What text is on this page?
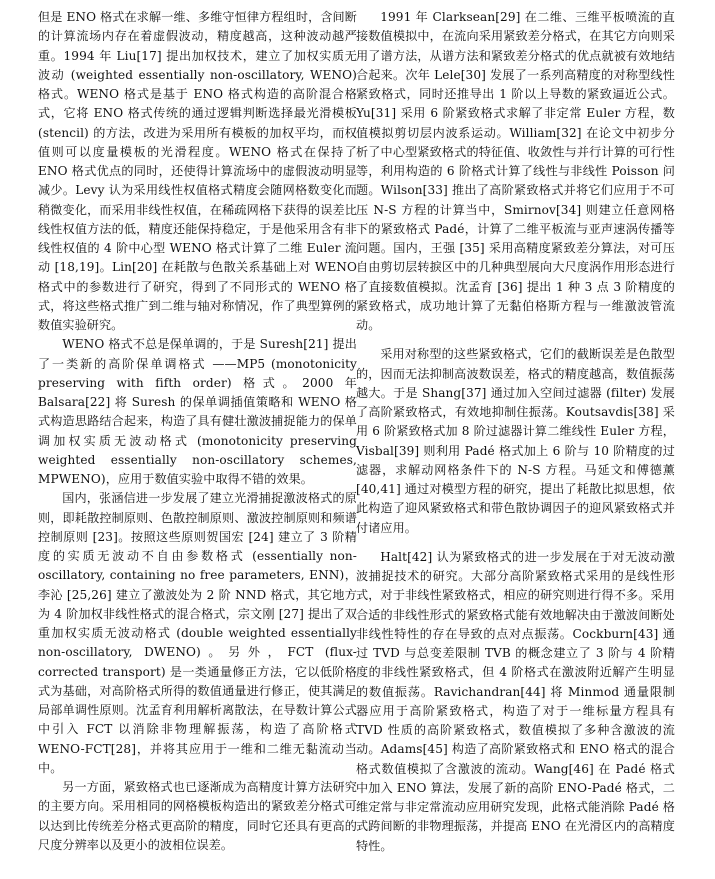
但是 ENO 格式在求解一维、多维守恒律方程组时，含间断的计算流场内存在着虚假波动，精度越高，这种波动越严重。1994 年 Liu[17] 提出加权技术，建立了加权实质无波动 (weighted essentially non-oscillatory, WENO) 格式。WENO 格式是基于 ENO 格式构造的高阶混合格式，它将 ENO 格式传统的通过逻辑判断选择最光滑模板 (stencil) 的方法，改进为采用所有模板的加权平均，而权值则可以度量模板的光滑程度。WENO 格式在保持了 ENO 格式优点的同时，还使得计算流场中的虚假波动明显减少。Levy 认为采用线性权值格式精度会随网格数变化而稍微变化，而采用非线性权值，在稀疏网格下获得的误差比线性权值方法的低，精度还能保持稳定，于是他采用含有非线性权值的 4 阶中心型 WENO 格式计算了二维 Euler 流动 [18,19]。Lin[20] 在耗散与色散关系基础上对 WENO 格式中的参数进行了研究，得到了不同形式的 WENO 格式，将这些格式推广到二维与轴对称情况，作了典型算例的数值实验研究。

WENO 格式不总是保单调的，于是 Suresh[21] 提出了一类新的高阶保单调格式 ——MP5 (monotonicity preserving with fifth order) 格式。2000 年 Balsara[22] 将 Suresh 的保单调插值策略和 WENO 格式构造思路结合起来，构造了具有健壮激波捕捉能力的保单调加权实质无波动格式 (monotonicity preserving weighted essentially non-oscillatory schemes, MPWENO)，应用于数值实验中取得不错的效果。

国内，张涵信进一步发展了建立光滑捕捉激波格式的原则，即耗散控制原则、色散控制原则、激波控制原则和频谱控制原则 [23]。按照这些原则贺国宏 [24] 建立了 3 阶精度的实质无波动不自由参数格式 (essentially non-oscillatory, containing no free parameters, ENN)，李沁 [25,26] 建立了激波处为 2 阶 NND 格式，其它地方为 4 阶加权非线性格式的混合格式，宗文刚 [27] 提出了双重加权实质无波动格式 (double weighted essentially non-oscillatory, DWENO)。另外，FCT (flux-corrected transport) 是一类通量修正方法，它以低阶格式为基础，对高阶格式所得的数值通量进行修正，使其满足局部单调性原则。沈孟育利用解析离散法，在导数计算公式中引入 FCT 以消除非物理解振荡，构造了高阶格式 WENO-FCT[28]，并将其应用于一维和二维无黏流动当中。

另一方面，紧致格式也已逐渐成为高精度计算方法研究的主要方向。采用相同的网格模板构造出的紧致差分格式可以达到比传统差分格式更高阶的精度，同时它还具有更高的尺度分辨率以及更小的波相位误差。

1991 年 Clarksean[29] 在二维、三维平板喷流的直接数值模拟中，在流向采用紧致差分格式，在其它方向则采用了谱方法，从谱方法和紧致差分格式的优点就被有效地结合起来。次年 Lele[30] 发展了一系列高精度的对称型线性紧致格式，同时还推导出 1 阶以上导数的紧致逼近公式。Yu[31] 采用 6 阶紧致格式求解了非定常 Euler 方程，数值模拟剪切层内波系运动。William[32] 在论文中初步分析了中心型紧致格式的特征值、收敛性与并行计算的可行性等，利用构造的 6 阶格式计算了线性与非线性 Poisson 问题。Wilson[33] 推出了高阶紧致格式并将它们应用于不可压 N-S 方程的计算当中，Smirnov[34] 则建立任意网格下的紧致格式 Padé，计算了二维平板流与亚声速涡传播等问题。国内，王强 [35] 采用高精度紧致差分算法，对可压自由剪切层转捩区中的几种典型展向大尺度涡作用形态进行了直接数值模拟。沈孟育 [36] 提出 1 种 3 点 3 阶精度的紧致格式，成功地计算了无黏伯格斯方程与一维激波管流动。

采用对称型的这些紧致格式，它们的截断误差是色散型的，因而无法抑制高波数误差，格式的精度越高，数值振荡越大。于是 Shang[37] 通过加入空间过滤器 (filter) 发展了高阶紧致格式，有效地抑制住振荡。Koutsavdis[38] 采用 6 阶紧致格式加 8 阶过滤器计算二维线性 Euler 方程，Visbal[39] 则利用 Padé 格式加上 6 阶与 10 阶精度的过滤器，求解动网格条件下的 N-S 方程。马延文和傅德薰 [40,41] 通过对模型方程的研究，提出了耗散比拟思想，依此构造了迎风紧致格式和带色散协调因子的迎风紧致格式并付诸应用。

Halt[42] 认为紧致格式的进一步发展在于对无波动激波捕捉技术的研究。大部分高阶紧致格式采用的是线性形式，对于非线性紧致格式，相应的研究则进行得不多。采用合适的非线性形式的紧致格式能有效地解决由于激波间断处非线性特性的存在导致的点对点振荡。Cockburn[43] 通过 TVD 与总变差限制 TVB 的概念建立了 3 阶与 4 阶精度的非线性紧致格式，但 4 阶格式在激波附近解产生明显的数值振荡。Ravichandran[44] 将 Minmod 通量限制器应用于高阶紧致格式，构造了对于一维标量方程具有 TVD 性质的高阶紧致格式，数值模拟了多种含激波的流动。Adams[45] 构造了高阶紧致格式和 ENO 格式的混合格式数值模拟了含激波的流动。Wang[46] 在 Padé 格式中加入 ENO 算法，发展了新的高阶 ENO-Padé 格式，二维定常与非定常流动应用研究发现，此格式能消除 Padé 格式跨间断的非物理振荡，并提高 ENO 在光滑区内的高精度特性。
